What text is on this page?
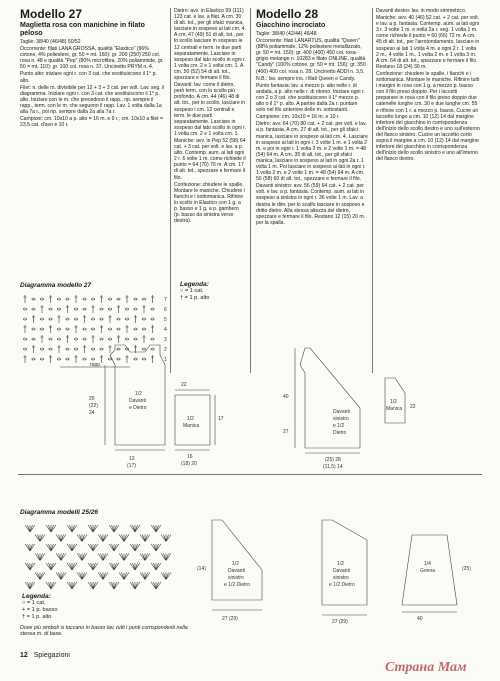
Modello 27

Maglietta rosa con manichine in filato peloso

Taglie: 38/40 (46/48) 50/52

Occorrente: filati LANA GROSSA, qualità "Elastico" (96% cotone, 4% poliestere, gr. 50 = mt. 160): gr. 200 (250) 250 col. rosa n. 48 e qualità "Pep" (80% microfibra, 20% poliammide, gr. 50 = mt. 110): gr. 100 col. rosa n. 37. Uncinetto PRYM n. 4.

Punto alto: iniziare ogni r. con 3 cat. che sostituiscono il 1° p. alto.

Filet: n. delle m. divisibile per 12 + 3 + 3 cat. per volt. Lav. seg. il diagramma. Iniziare ogni r. con 3 cat. che sostituiscono il 1° p. alto. Iniziare con le m. che precedono il rapp., rip. sempre il rapp., term. con le m. che seguono il rapp. Lav. 1 volta dalla 1a alla 7a r., poi rip. sempre dalla 2a alla 7a r.

Campioni: cm. 10x10 a p. alto = 16 m. e 9 r.; cm. 10x10 a filet = 23,5 cat. d'avo e 10 r.

Dietro: avv. in Elastico 99 (111) 123 cat. e lav. a filet. A cm. 30 di alt. tot., per gli sfalci manica, lasciare in sospeso ai lati cm. 4. A cm. 47 (49) 51 di alt. tot., per lo scollo lasciare in sospeso le 12 centrali e term. le due parti separatamente. Lasciare in sospeso dal lato scollo in ogni r. 1 volta cm. 2 e 1 volta cm. 1. A cm. 50 (52) 54 di alt. tot., spezzare e fermare il filo.

Davanti: lav. come il dietro, però term. con lo scollo più profondo. A cm. 44 (46) 48 di alt. tot., per lo scollo, lasciare in sospeso i cm. 12 centrali e term. le due parti separatamente. Lasciare in sospeso dal lato scollo in ogni r. 1 volta cm. 2 e 1 volta cm. 1.

Maniche: avv. in Pep 52 (58) 64 cat. + 3 cat. per volt. e lav. a p. alto. Contemp. aum. ai lati ogni 2 r. 6 volte 1 m. come richiede il punto = 64 (70) 76 m. A cm. 17 di alt. tot., spezzare e fermare il filo.

Confezione: chiudere le spalle. Montare le maniche. Chiudere i fianchi e i sottomanica. Rifinire lo scollo in Elastico con 1 g. a p. basso e 1 g. a p. gambero (p. basso da sinistra verso destra).

Modello 28

Giacchino incrociato

Taglie: 38/40 (42/44) 46/48

Occorrente: filati LANARTUS, qualità "Queen" (88% poliammide, 12% poliestere metallizzato, gr. 50 = mt. 150): gr. 400 (400) 450 col. rosa-grigio melange n. 10283 e filato ONLINE, qualità "Candy" (100% cotone, gr. 50 = mt. 156): gr. 350 (400) 400 col. rosa n. 28. Uncinetto ADDI n. 3,5.

N.B.: lav. sempre ins. i filati Queen e Candy.

Punto fantasia: lav. a mezzo p. alto nelle r. di andata, a p. alto nelle r. di ritorno. Iniziare ogni r. con 2 o 3 cat. che sostituiscono il 1° mezzo p. alto o il 1° p. alto. A partire dalla 2a r. puntare solo nel filo anteriore delle m. sottostanti.

Campione: cm. 10x10 = 16 m. e 10 r.

Dietro: avv. 64 (70) 80 cat. + 2 cat. per volt. e lav. a p. fantasia. A cm. 27 di alt. tot., per gli sfalci manica, lasciare in sospeso ai lati cm. 4. Lasciare in sospeso ai lati in ogni r. 3 volte 1 m. e 1 volta 2 m. e poi in ogni r. 1 volta 2 m. e 2 volte 1 m. = 48 (54) 64 m. A cm. 35 di alt. tot., per gli sfalci manica, lasciare in sospeso ai lati in ogni 2a r. 1 volta 1 m. Poi lasciare in sospeso ai lati in ogni r. 1 volta 2 m. e 2 volte 1 m. = 48 (54) 64 m. A cm. 56 (58) 60 di alt. tot., spezzare e fermare il filo.

Davanti sinistro: avv. 56 (59) 64 cat. + 2 cat. per volt. e lav. a p. fantasia. Contemp. aum. ai lati in sospeso a sinistra in ogni r. 36 volte 1 m. Lav. a destra le dim. per lo scalfo lasciare in sospeso e dritto dietro. Alla stessa altezza del dietro, spezzare e fermare il filo. Restano 12 (15) 20 m. per la spalla.

Davanti destro: lav. in modo simmetrico.

Maniche: avv. 40 (46) 52 cat. + 2 cat. per volt. e lav. a p. fantasia. Contemp. aum. ai lati ogni 3 r. 3 volte 1 m. e nella 2a r. seg. 1 volta 1 m. come richiede il punto = 60 (66) 72 m. A cm. 45 di alt. tot., per l'arrotondamento, lasciare in sospeso ai lati 1 volta 4 m. e ogni 2 r. 1 volta 2 m., 4 volte 1 m., 1 volta 2 m. e 1 volta 3 m. A cm. 64 di alt. tot., spezzare e fermare il filo. Restano 18 (24) 30 m.

Confezione: chiudere le spalle, i fianchi e i sottomanica. Montare le maniche. Rifinire tutti i margini in rosa con 1 g. a mezzo p. basso con il filo preso doppio. Per i laccetti preparare in rosa con il filo preso doppio due catenelle lunghe cm. 30 e due lunghe cm. 55 e rifinire con 1 r. a mezzo p. basso. Cucire un laccetto lungo a cm. 10 (12) 14 dal margine inferiore del giacchino in corrispondenza dell'inizio dello scollo destro e uno sull'esterno del fianco sinistro. Cucire un laccetto corto sopra il margine a cm. 10 (12) 14 dal margine inferiore del giacchino in corrispondenza dell'inizio dello scollo sinistro e uno all'interno del fianco destro.

Diagramma modello 27	Legenda:
○ = 1 cat.
† = 1 p. alto
7
6
5
4
3
2
1
rapp.
1/2
Davanti
e Dietro
1/2
Manica
12
(17)
20
(22)
24
16
(18) 20
17
22
Davanti
sinistro
e 1/2
Dietro
1/2
Manica
40
27
(25) 28
(11,5) 14
22
Diagramma modelli 25/26
Legenda:
○ = 1 cat.
+ = 1 p. basso
† = 1 p. alto
Dove più simboli si toccano in basso lav. tutti i punti corrispondenti nella stessa m. di base.
1/2
Davanti
sinistro
e 1/2 Dietro
1/2
Davanti
sinistro
e 1/2 Dietro
1/4
Gonna
27 (29)	27 (29)	40
(25)
(14)
12 Spiegazioni
Страна Мам
